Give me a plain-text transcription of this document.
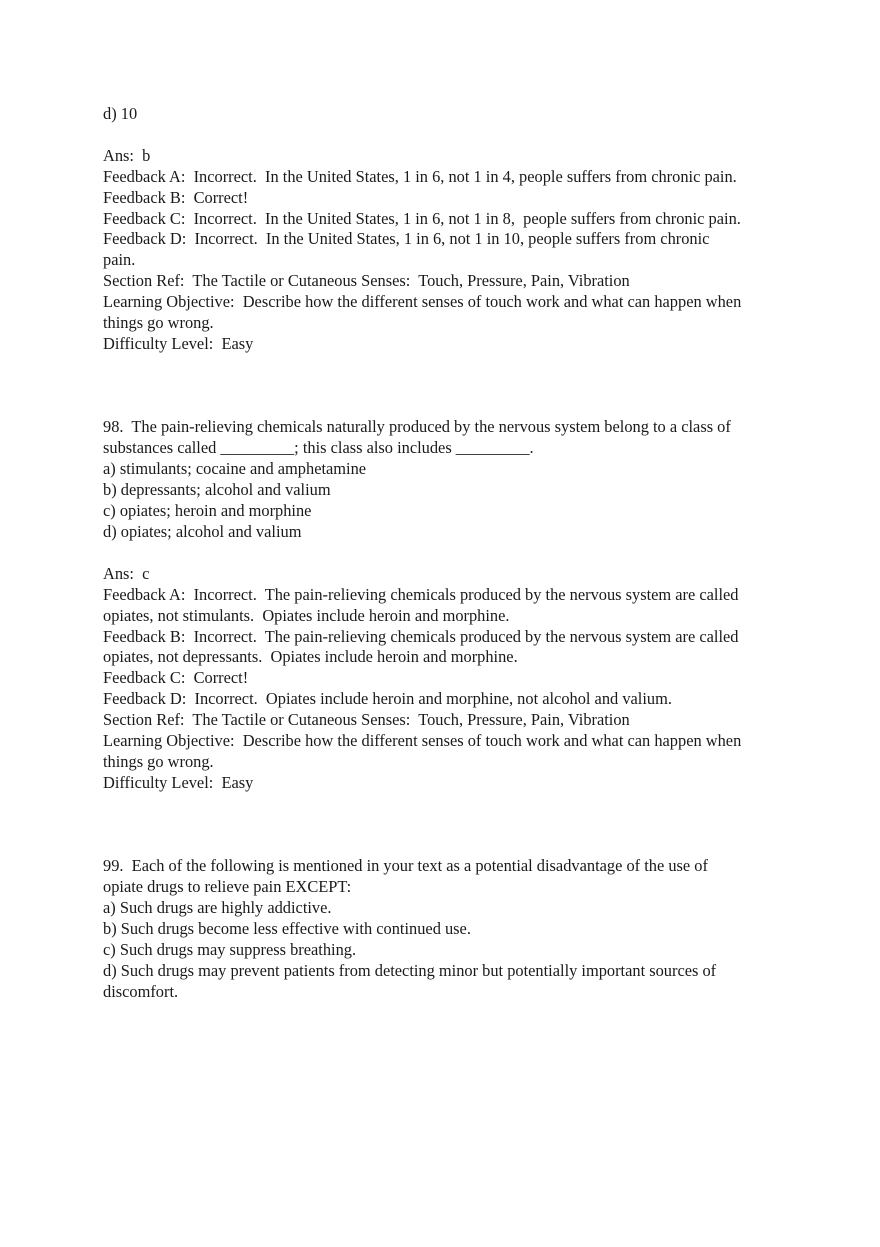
d) 10
Ans:  b
Feedback A:  Incorrect.  In the United States, 1 in 6, not 1 in 4, people suffers from chronic pain.
Feedback B:  Correct!
Feedback C:  Incorrect.  In the United States, 1 in 6, not 1 in 8,  people suffers from chronic pain.
Feedback D:  Incorrect.  In the United States, 1 in 6, not 1 in 10, people suffers from chronic
pain.
Section Ref:  The Tactile or Cutaneous Senses:  Touch, Pressure, Pain, Vibration
Learning Objective:  Describe how the different senses of touch work and what can happen when
things go wrong.
Difficulty Level:  Easy
98.  The pain-relieving chemicals naturally produced by the nervous system belong to a class of
substances called _________; this class also includes _________.
a) stimulants; cocaine and amphetamine
b) depressants; alcohol and valium
c) opiates; heroin and morphine
d) opiates; alcohol and valium
Ans:  c
Feedback A:  Incorrect.  The pain-relieving chemicals produced by the nervous system are called
opiates, not stimulants.  Opiates include heroin and morphine.
Feedback B:  Incorrect.  The pain-relieving chemicals produced by the nervous system are called
opiates, not depressants.  Opiates include heroin and morphine.
Feedback C:  Correct!
Feedback D:  Incorrect.  Opiates include heroin and morphine, not alcohol and valium.
Section Ref:  The Tactile or Cutaneous Senses:  Touch, Pressure, Pain, Vibration
Learning Objective:  Describe how the different senses of touch work and what can happen when
things go wrong.
Difficulty Level:  Easy
99.  Each of the following is mentioned in your text as a potential disadvantage of the use of
opiate drugs to relieve pain EXCEPT:
a) Such drugs are highly addictive.
b) Such drugs become less effective with continued use.
c) Such drugs may suppress breathing.
d) Such drugs may prevent patients from detecting minor but potentially important sources of
discomfort.
